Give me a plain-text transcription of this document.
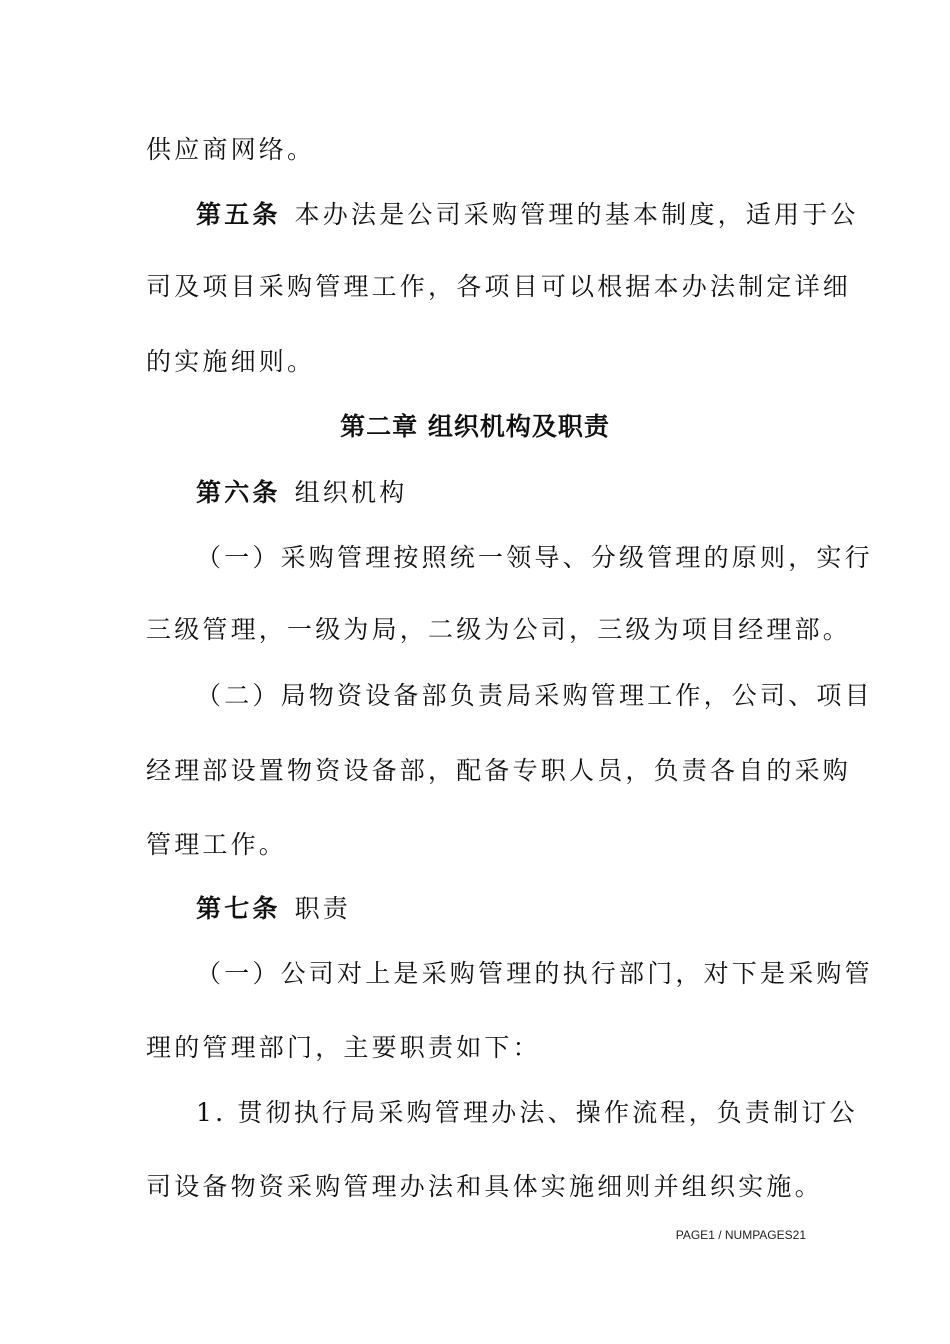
供应商网络。
第五条 本办法是公司采购管理的基本制度，适用于公
司及项目采购管理工作，各项目可以根据本办法制定详细
的实施细则。
第二章 组织机构及职责
第六条 组织机构
（一）采购管理按照统一领导、分级管理的原则，实行
三级管理，一级为局，二级为公司，三级为项目经理部。
（二）局物资设备部负责局采购管理工作，公司、项目
经理部设置物资设备部，配备专职人员，负责各自的采购
管理工作。
第七条 职责
（一）公司对上是采购管理的执行部门，对下是采购管
理的管理部门，主要职责如下：
1. 贯彻执行局采购管理办法、操作流程，负责制订公
司设备物资采购管理办法和具体实施细则并组织实施。
PAGE1 / NUMPAGES21
